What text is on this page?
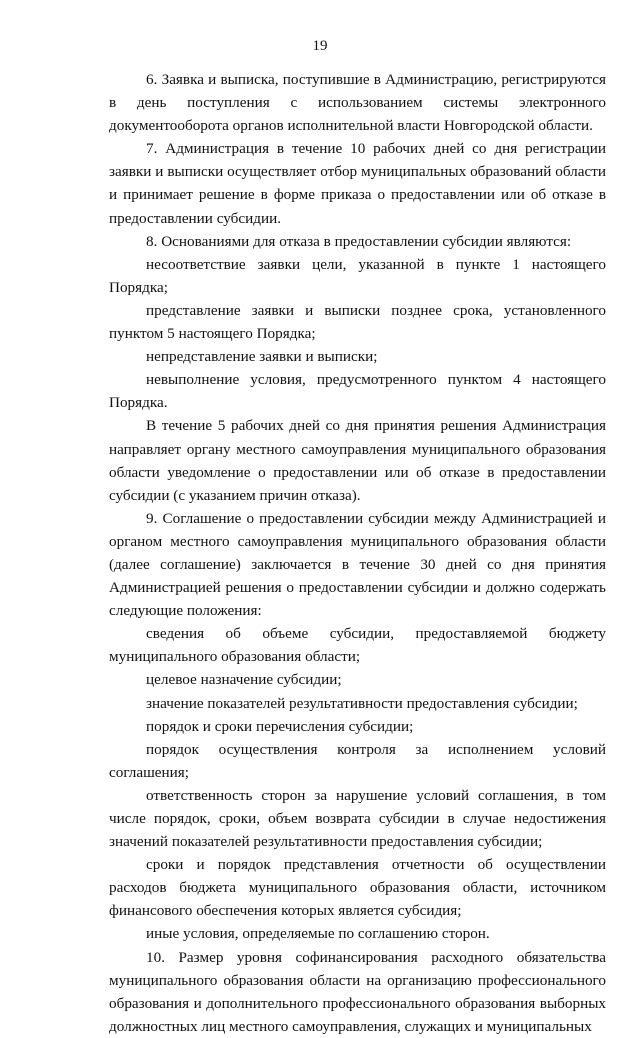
19

6. Заявка и выписка, поступившие в Администрацию, регистрируются в день поступления с использованием системы электронного документооборота органов исполнительной власти Новгородской области.

7. Администрация в течение 10 рабочих дней со дня регистрации заявки и выписки осуществляет отбор муниципальных образований области и принимает решение в форме приказа о предоставлении или об отказе в предоставлении субсидии.

8. Основаниями для отказа в предоставлении субсидии являются:

несоответствие заявки цели, указанной в пункте 1 настоящего Порядка;

представление заявки и выписки позднее срока, установленного пунктом 5 настоящего Порядка;

непредставление заявки и выписки;

невыполнение условия, предусмотренного пунктом 4 настоящего Порядка.

В течение 5 рабочих дней со дня принятия решения Администрация направляет органу местного самоуправления муниципального образования области уведомление о предоставлении или об отказе в предоставлении субсидии (с указанием причин отказа).

9. Соглашение о предоставлении субсидии между Администрацией и органом местного самоуправления муниципального образования области (далее соглашение) заключается в течение 30 дней со дня принятия Администрацией решения о предоставлении субсидии и должно содержать следующие положения:

сведения об объеме субсидии, предоставляемой бюджету муниципального образования области;

целевое назначение субсидии;

значение показателей результативности предоставления субсидии;

порядок и сроки перечисления субсидии;

порядок осуществления контроля за исполнением условий соглашения;

ответственность сторон за нарушение условий соглашения, в том числе порядок, сроки, объем возврата субсидии в случае недостижения значений показателей результативности предоставления субсидии;

сроки и порядок представления отчетности об осуществлении расходов бюджета муниципального образования области, источником финансового обеспечения которых является субсидия;

иные условия, определяемые по соглашению сторон.

10. Размер уровня софинансирования расходного обязательства муниципального образования области на организацию профессионального образования и дополнительного профессионального образования выборных должностных лиц местного самоуправления, служащих и муниципальных
